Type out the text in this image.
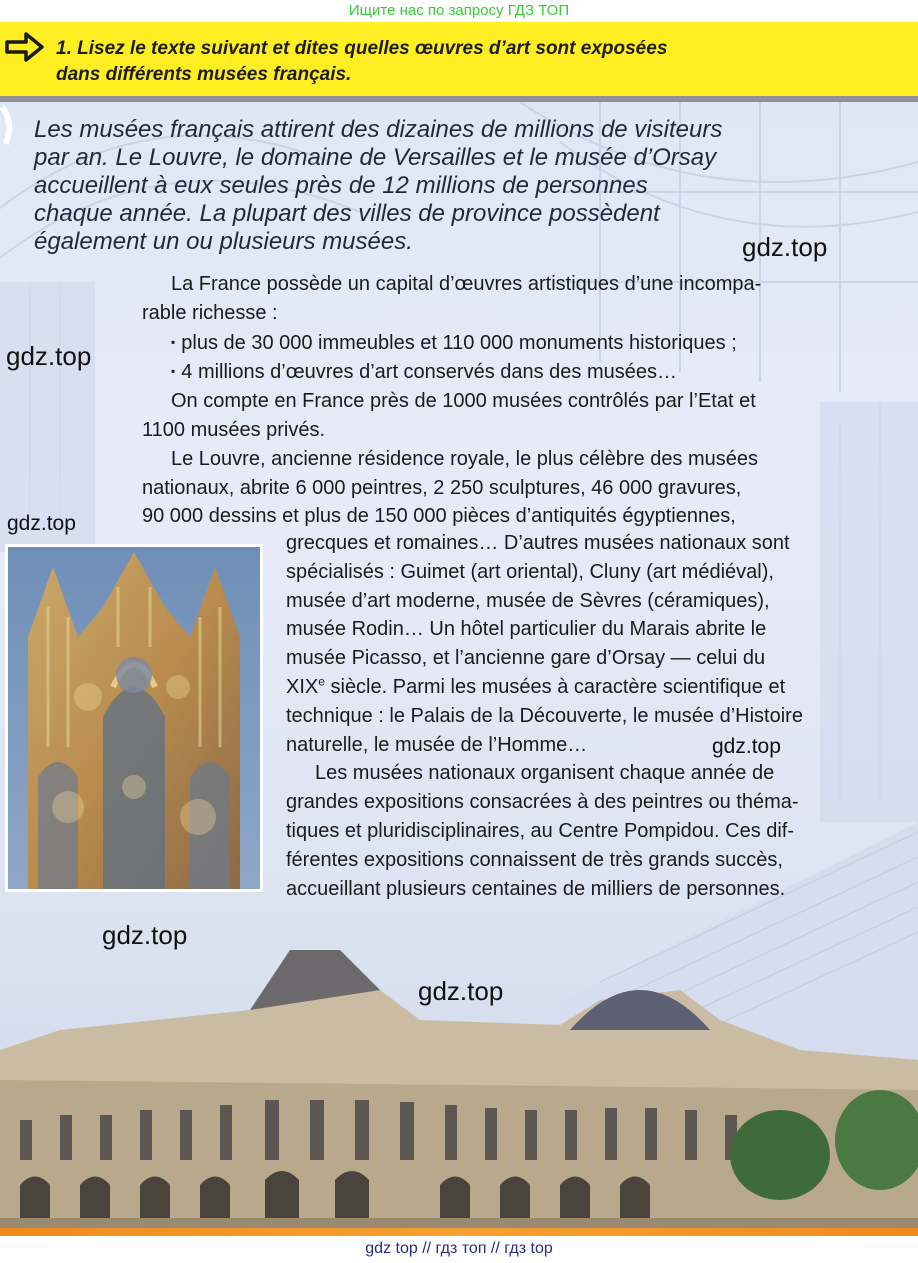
Ищите нас по запросу ГДЗ ТОП
1. Lisez le texte suivant et dites quelles œuvres d’art sont exposées
dans différents musées français.

Les musées français attirent des dizaines de millions de visiteurs

par an. Le Louvre, le domaine de Versailles et le musée d’Orsay

accueillent à eux seules près de 12 millions de personnes

chaque année. La plupart des villes de province possèdent

également un ou plusieurs musées.

La France possède un capital d’œuvres artistiques d’une incompa-

rable richesse :

▪ plus de 30 000 immeubles et 110 000 monuments historiques ;

▪ 4 millions d’œuvres d’art conservés dans des musées…

On compte en France près de 1000 musées contrôlés par l’Etat et

1100 musées privés.

Le Louvre, ancienne résidence royale, le plus célèbre des musées

nationaux, abrite 6 000 peintres, 2 250 sculptures, 46 000 gravures,

90 000 dessins et plus de 150 000 pièces d’antiquités égyptiennes,

grecques et romaines… D’autres musées nationaux sont

spécialisés : Guimet (art oriental), Cluny (art médiéval),

musée d’art moderne, musée de Sèvres (céramiques),

musée Rodin… Un hôtel particulier du Marais abrite le

musée Picasso, et l’ancienne gare d’Orsay — celui du

XIXe siècle. Parmi les musées à caractère scientifique et

technique : le Palais de la Découverte, le musée d’Histoire

naturelle, le musée de l’Homme…

Les musées nationaux organisent chaque année de

grandes expositions consacrées à des peintres ou théma-

tiques et pluridisciplinaires, au Centre Pompidou. Ces dif-

férentes expositions connaissent de très grands succès,

accueillant plusieurs centaines de milliers de personnes.

gdz.top
gdz.top
gdz.top
gdz.top
gdz.top
gdz.top
gdz top // гдз топ // гдз top
